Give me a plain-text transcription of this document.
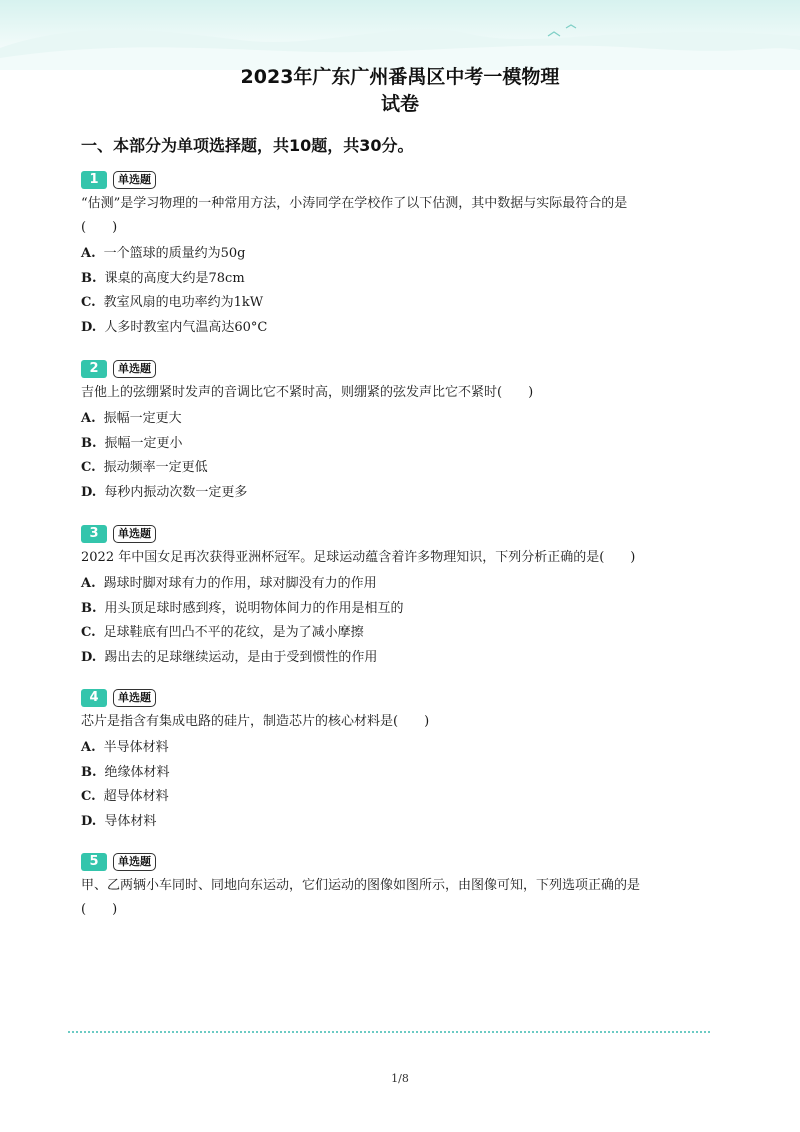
2023年广东广州番禺区中考一模物理
试卷
一、本部分为单项选择题，共10题，共30分。
1	单选题
“估测”是学习物理的一种常用方法，小涛同学在学校作了以下估测，其中数据与实际最符合的是
(　　)
A. 一个篮球的质量约为50g
B. 课桌的高度大约是78cm
C. 教室风扇的电功率约为1kW
D. 人多时教室内气温高达60°C
2	单选题
吉他上的弦绷紧时发声的音调比它不紧时高，则绷紧的弦发声比它不紧时(　　)
A. 振幅一定更大
B. 振幅一定更小
C. 振动频率一定更低
D. 每秒内振动次数一定更多
3	单选题
2022 年中国女足再次获得亚洲杯冠军。足球运动蕴含着许多物理知识，下列分析正确的是(　　)
A. 踢球时脚对球有力的作用，球对脚没有力的作用
B. 用头顶足球时感到疼，说明物体间力的作用是相互的
C. 足球鞋底有凹凸不平的花纹，是为了减小摩擦
D. 踢出去的足球继续运动，是由于受到惯性的作用
4	单选题
芯片是指含有集成电路的硅片，制造芯片的核心材料是(　　)
A. 半导体材料
B. 绝缘体材料
C. 超导体材料
D. 导体材料
5	单选题
甲、乙两辆小车同时、同地向东运动，它们运动的图像如图所示，由图像可知，下列选项正确的是
(　　)
1/8
